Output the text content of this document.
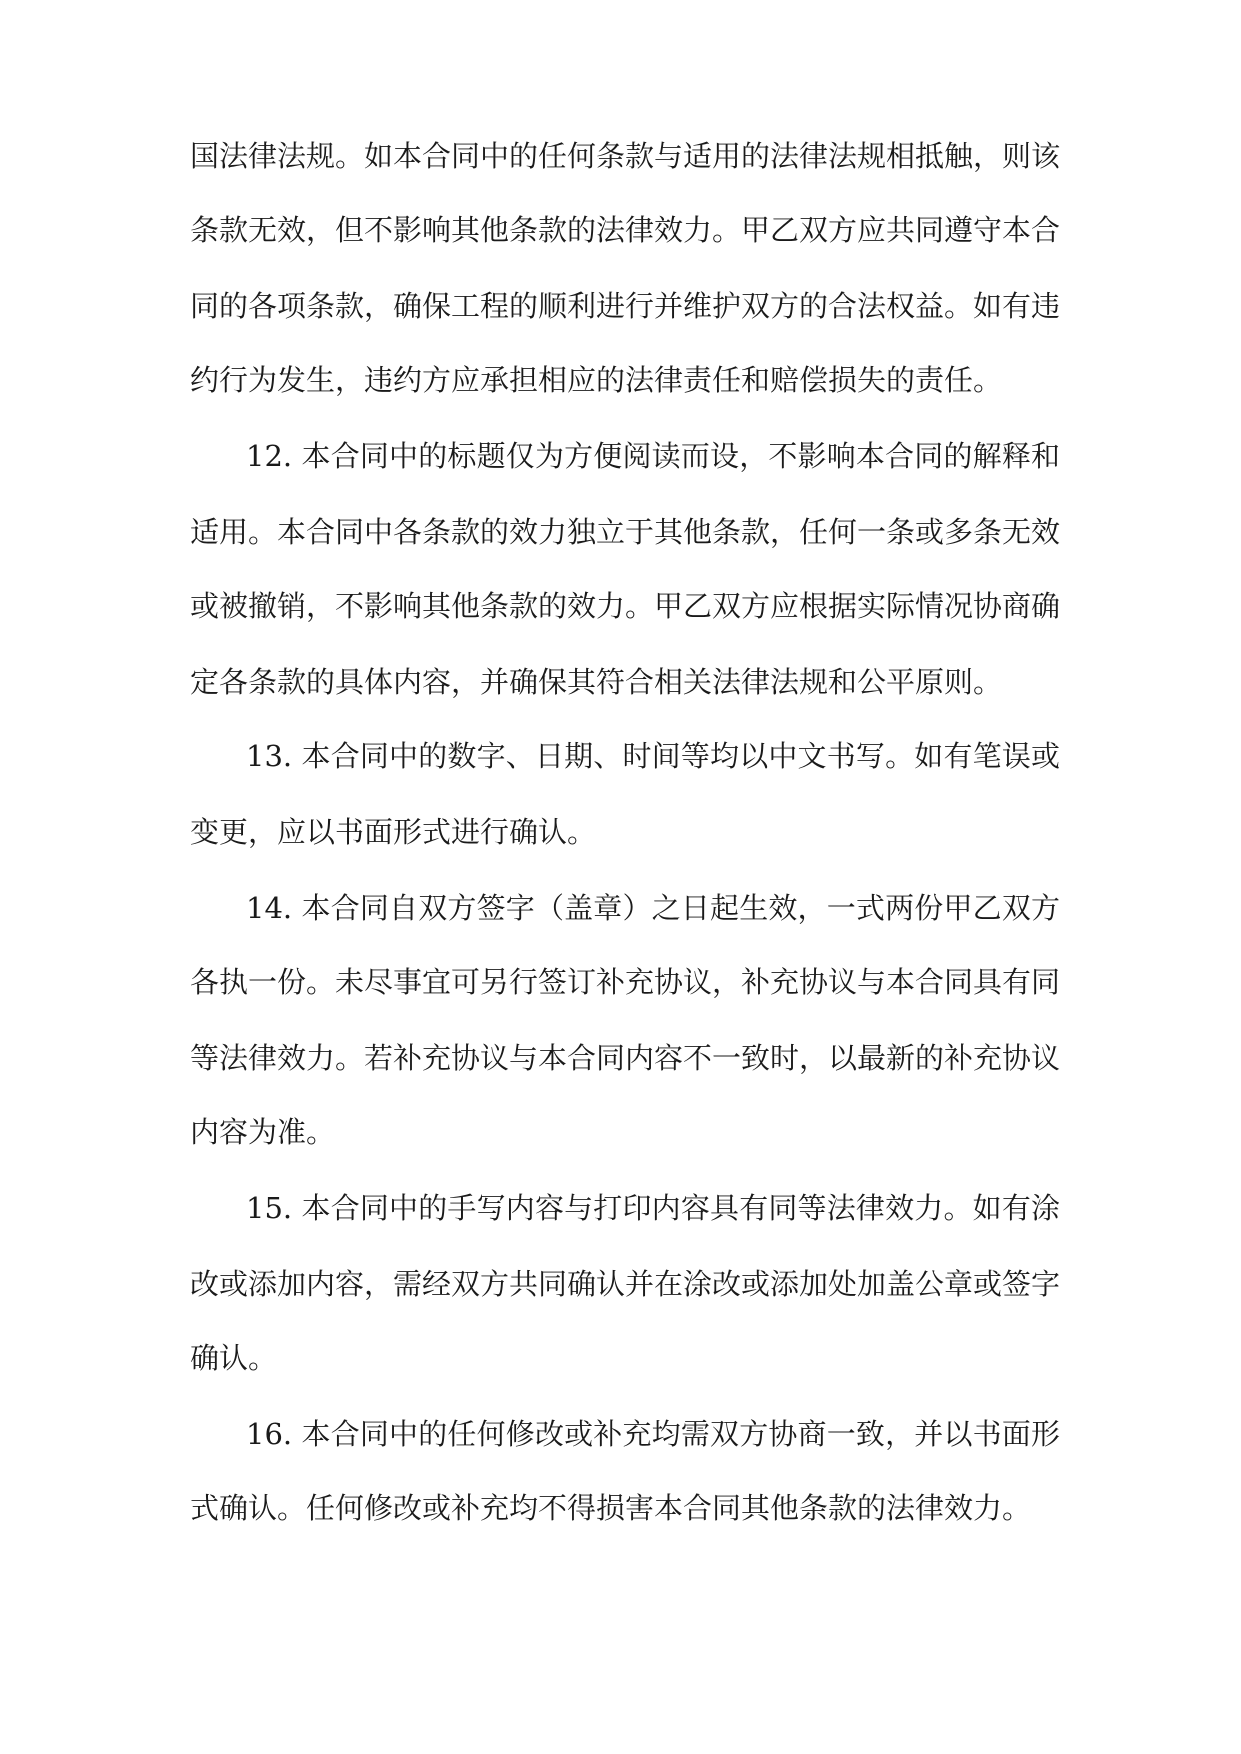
国法律法规。如本合同中的任何条款与适用的法律法规相抵触，则该

条款无效，但不影响其他条款的法律效力。甲乙双方应共同遵守本合

同的各项条款，确保工程的顺利进行并维护双方的合法权益。如有违

约行为发生，违约方应承担相应的法律责任和赔偿损失的责任。

12. 本合同中的标题仅为方便阅读而设，不影响本合同的解释和

适用。本合同中各条款的效力独立于其他条款，任何一条或多条无效

或被撤销，不影响其他条款的效力。甲乙双方应根据实际情况协商确

定各条款的具体内容，并确保其符合相关法律法规和公平原则。

13. 本合同中的数字、日期、时间等均以中文书写。如有笔误或

变更，应以书面形式进行确认。

14. 本合同自双方签字（盖章）之日起生效，一式两份甲乙双方

各执一份。未尽事宜可另行签订补充协议，补充协议与本合同具有同

等法律效力。若补充协议与本合同内容不一致时，以最新的补充协议

内容为准。

15. 本合同中的手写内容与打印内容具有同等法律效力。如有涂

改或添加内容，需经双方共同确认并在涂改或添加处加盖公章或签字

确认。

16. 本合同中的任何修改或补充均需双方协商一致，并以书面形

式确认。任何修改或补充均不得损害本合同其他条款的法律效力。
